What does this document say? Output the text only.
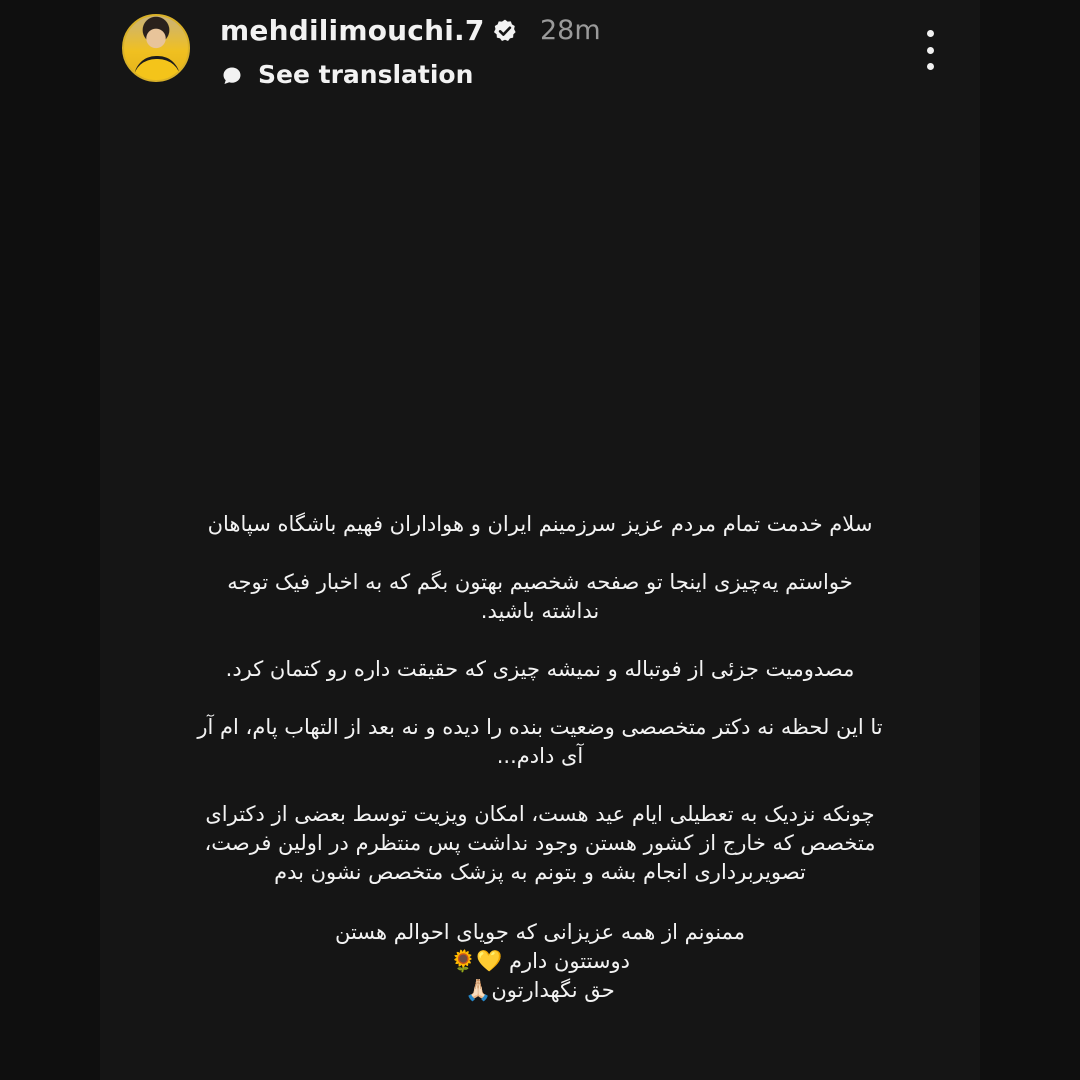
mehdilimouchi.7 28m
See translation

سلام خدمت تمام مردم عزیز سرزمینم ایران و هواداران فهیم باشگاه سپاهان

خواستم یه‌چیزی اینجا تو صفحه شخصیم بهتون بگم که به اخبار فیک توجه
نداشته باشید.

مصدومیت جزئی از فوتباله و نمیشه چیزی که حقیقت داره رو کتمان کرد.

تا این لحظه نه دکتر متخصصی وضعیت بنده را دیده و نه بعد از التهاب پام، ام آر
آی دادم...

چونکه نزدیک به تعطیلی ایام عید هست، امکان ویزیت توسط بعضی از دکترای
متخصص که خارج از کشور هستن وجود نداشت پس منتظرم در اولین فرصت،
تصویربرداری انجام بشه و بتونم به پزشک متخصص نشون بدم

ممنونم از همه عزیزانی که جویای احوالم هستن
دوستتون دارم 💛🌻
حق نگهدارتون🙏🏻
